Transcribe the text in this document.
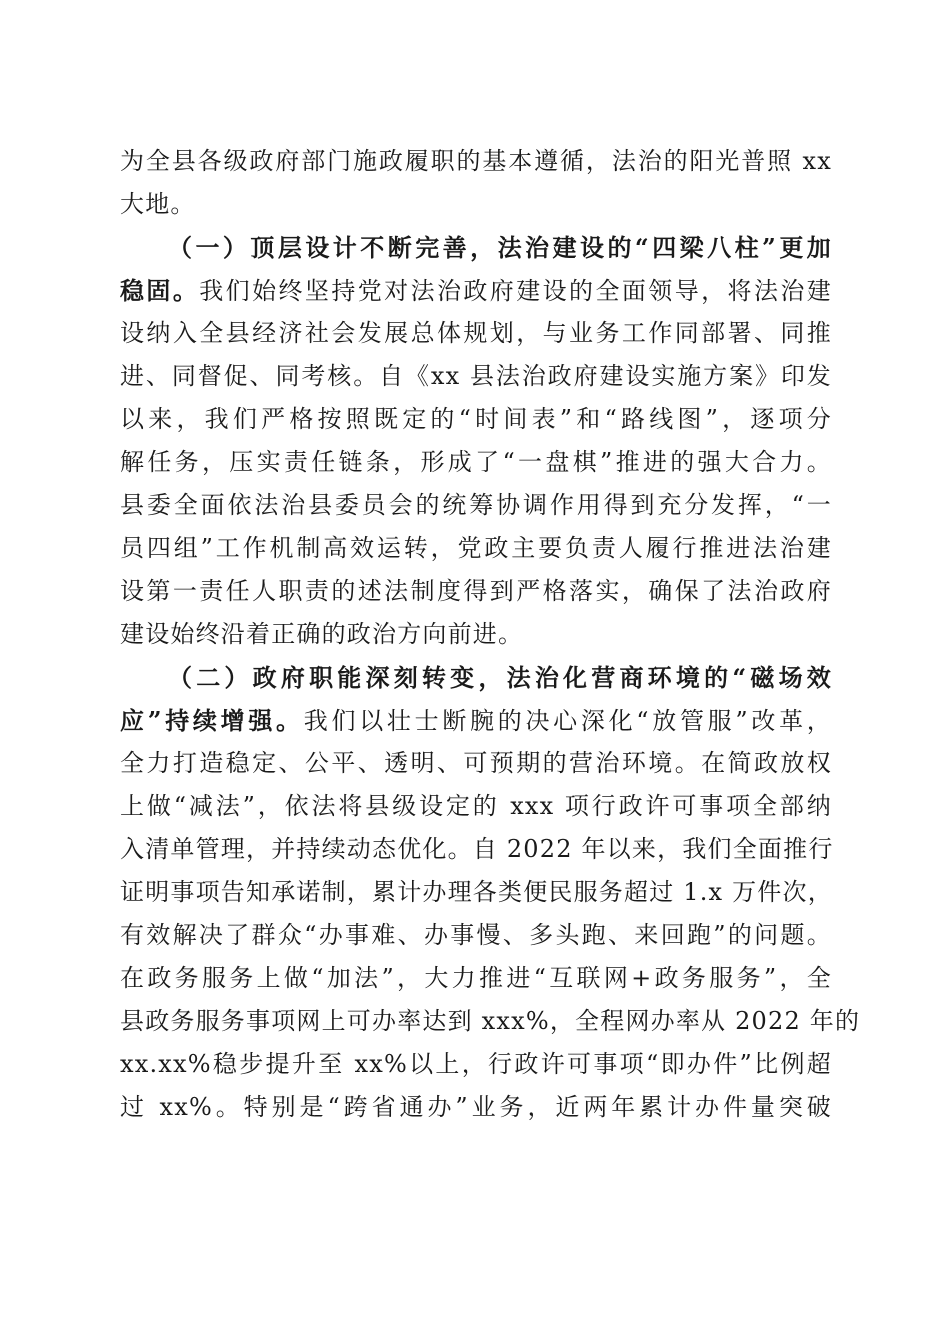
为全县各级政府部门施政履职的基本遵循，法治的阳光普照 xx
大地。
（一）顶层设计不断完善，法治建设的“四梁八柱”更加
稳固。我们始终坚持党对法治政府建设的全面领导，将法治建
设纳入全县经济社会发展总体规划，与业务工作同部署、同推
进、同督促、同考核。自《xx 县法治政府建设实施方案》印发
以来，我们严格按照既定的“时间表”和“路线图”，逐项分
解任务，压实责任链条，形成了“一盘棋”推进的强大合力。
县委全面依法治县委员会的统筹协调作用得到充分发挥，“一
员四组”工作机制高效运转，党政主要负责人履行推进法治建
设第一责任人职责的述法制度得到严格落实，确保了法治政府
建设始终沿着正确的政治方向前进。
（二）政府职能深刻转变，法治化营商环境的“磁场效
应”持续增强。我们以壮士断腕的决心深化“放管服”改革，
全力打造稳定、公平、透明、可预期的营治环境。在简政放权
上做“减法”，依法将县级设定的 xxx 项行政许可事项全部纳
入清单管理，并持续动态优化。自 2022 年以来，我们全面推行
证明事项告知承诺制，累计办理各类便民服务超过 1.x 万件次，
有效解决了群众“办事难、办事慢、多头跑、来回跑”的问题。
在政务服务上做“加法”，大力推进“互联网+政务服务”，全
县政务服务事项网上可办率达到 xxx%，全程网办率从 2022 年的
xx.xx%稳步提升至 xx%以上，行政许可事项“即办件”比例超
过 xx%。特别是“跨省通办”业务，近两年累计办件量突破
